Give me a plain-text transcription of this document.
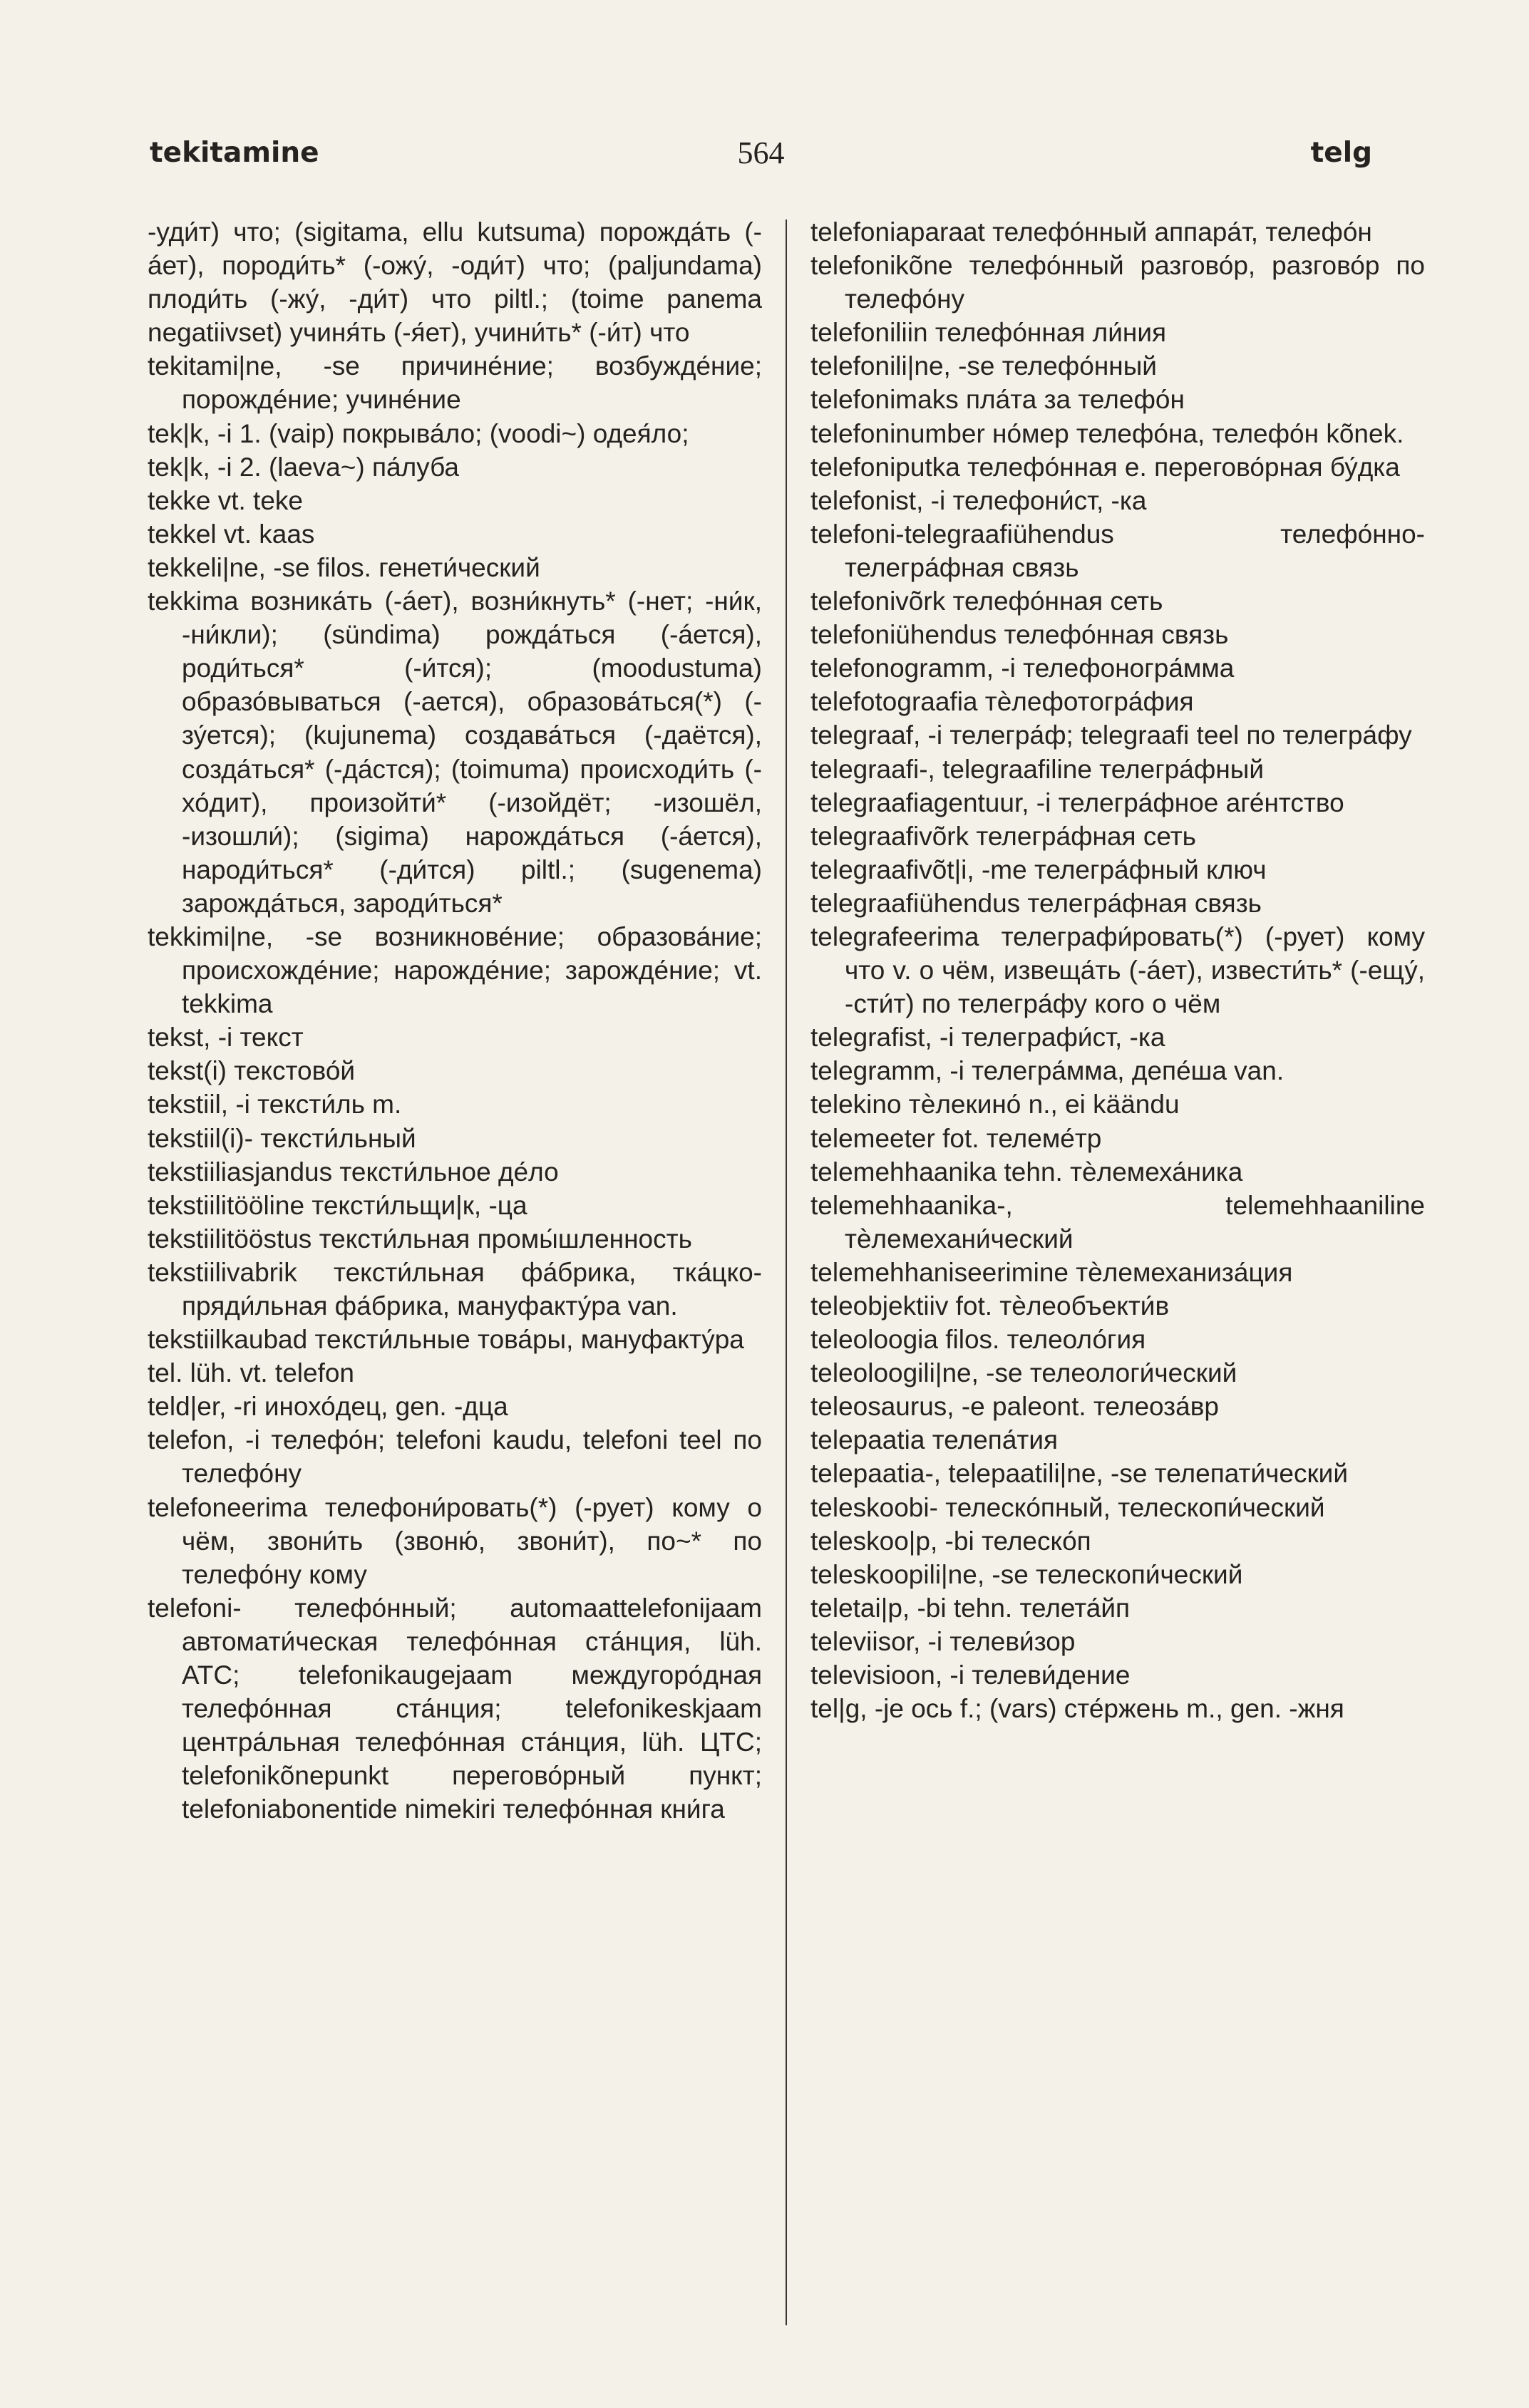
tekitamine	564	telg

-уди́т) что; (sigitama, ellu kutsuma) порожда́ть (-áет), породи́ть* (-ожу́, -оди́т) что; (paljundama) плоди́ть (-жу́, -ди́т) что piltl.; (toime panema negatiivset) учиня́ть (-я́ет), учини́ть* (-и́т) что

tekitami|ne, -se причине́ние; возбужде́ние; порожде́ние; учине́ние

tek|k, -i 1. (vaip) покрыва́ло; (voodi~) одея́ло;

tek|k, -i 2. (laeva~) па́луба

tekke vt. teke

tekkel vt. kaas

tekkeli|ne, -se filos. генети́ческий

tekkima возника́ть (-áет), возни́кнуть* (-нет; -ни́к, -ни́кли); (sündima) рожда́ться (-áется), роди́ться* (-и́тся); (moodustuma) образо́вываться (-ается), образова́ться(*) (-зу́ется); (kujunema) создава́ться (-даётся), созда́ться* (-да́стся); (toimuma) происходи́ть (-хо́дит), произойти́* (-изойдёт; -изошёл, -изошли́); (sigima) нарожда́ться (-áется), народи́ться* (-ди́тся) piltl.; (sugenema) зарожда́ться, зароди́ться*

tekkimi|ne, -se возникнове́ние; образова́ние; происхожде́ние; нарожде́ние; зарожде́ние; vt. tekkima

tekst, -i текст

tekst(i) текстово́й

tekstiil, -i тексти́ль m.

tekstiil(i)- тексти́льный

tekstiiliasjandus тексти́льное де́ло

tekstiilitööline тексти́льщи|к, -ца

tekstiilitööstus тексти́льная промы́шленность

tekstiilivabrik тексти́льная фа́брика, тка́цко-пряди́льная фа́брика, мануфакту́ра van.

tekstiilkaubad тексти́льные това́ры, мануфакту́ра

tel. lüh. vt. telefon

teld|er, -ri инохо́дец, gen. -дца

telefon, -i телефо́н; telefoni kaudu, telefoni teel по телефо́ну

telefoneerima телефони́ровать(*) (-рует) кому о чём, звони́ть (звоню́, звони́т), по~* по телефо́ну кому

telefoni- телефо́нный; automaattelefonijaam автомати́ческая телефо́нная ста́нция, lüh. АТС; telefonikaugejaam междугоро́дная телефо́нная ста́нция; telefonikeskjaam центра́льная телефо́нная ста́нция, lüh. ЦТС; telefonikõnepunkt перегово́рный пункт; telefoniabonentide nimekiri телефо́нная кни́га

telefoniaparaat телефо́нный аппара́т, телефо́н

telefonikõne телефо́нный разгово́р, разгово́р по телефо́ну

telefoniliin телефо́нная ли́ния

telefonili|ne, -se телефо́нный

telefonimaks пла́та за телефо́н

telefoninumber но́мер телефо́на, телефо́н kõnek.

telefoniputka телефо́нная е. перегово́рная бу́дка

telefonist, -i телефони́ст, -ка

telefoni-telegraafiühendus телефо́нно-телегра́фная связь

telefonivõrk телефо́нная сеть

telefoniühendus телефо́нная связь

telefonogramm, -i телефоногра́мма

telefotograafia тѐлефотогра́фия

telegraaf, -i телегра́ф; telegraafi teel по телегра́фу

telegraafi-, telegraafiline телегра́фный

telegraafiagentuur, -i телегра́фное аге́нтство

telegraafivõrk телегра́фная сеть

telegraafivõt|i, -me телегра́фный ключ

telegraafiühendus телегра́фная связь

telegrafeerima телеграфи́ровать(*) (-рует) кому что v. о чём, извеща́ть (-áет), извести́ть* (-ещу́, -сти́т) по телегра́фу кого о чём

telegrafist, -i телеграфи́ст, -ка

telegramm, -i телегра́мма, депе́ша van.

telekino тѐлекино́ n., ei käändu

telemeeter fot. телеме́тр

telemehhaanika tehn. тѐлемеха́ника

telemehhaanika-, telemehhaaniline тѐлемехани́ческий

telemehhaniseerimine тѐлемеханиза́ция

teleobjektiiv fot. тѐлеобъекти́в

teleoloogia filos. телеоло́гия

teleoloogili|ne, -se телеологи́ческий

teleosaurus, -e paleont. телеоза́вр

telepaatia телепа́тия

telepaatia-, telepaatili|ne, -se телепати́ческий

teleskoobi- телеско́пный, телескопи́ческий

teleskoo|p, -bi телеско́п

teleskoopili|ne, -se телескопи́ческий

teletai|p, -bi tehn. телета́йп

televiisor, -i телеви́зор

televisioon, -i телеви́дение

tel|g, -je ось f.; (vars) сте́ржень m., gen. -жня
